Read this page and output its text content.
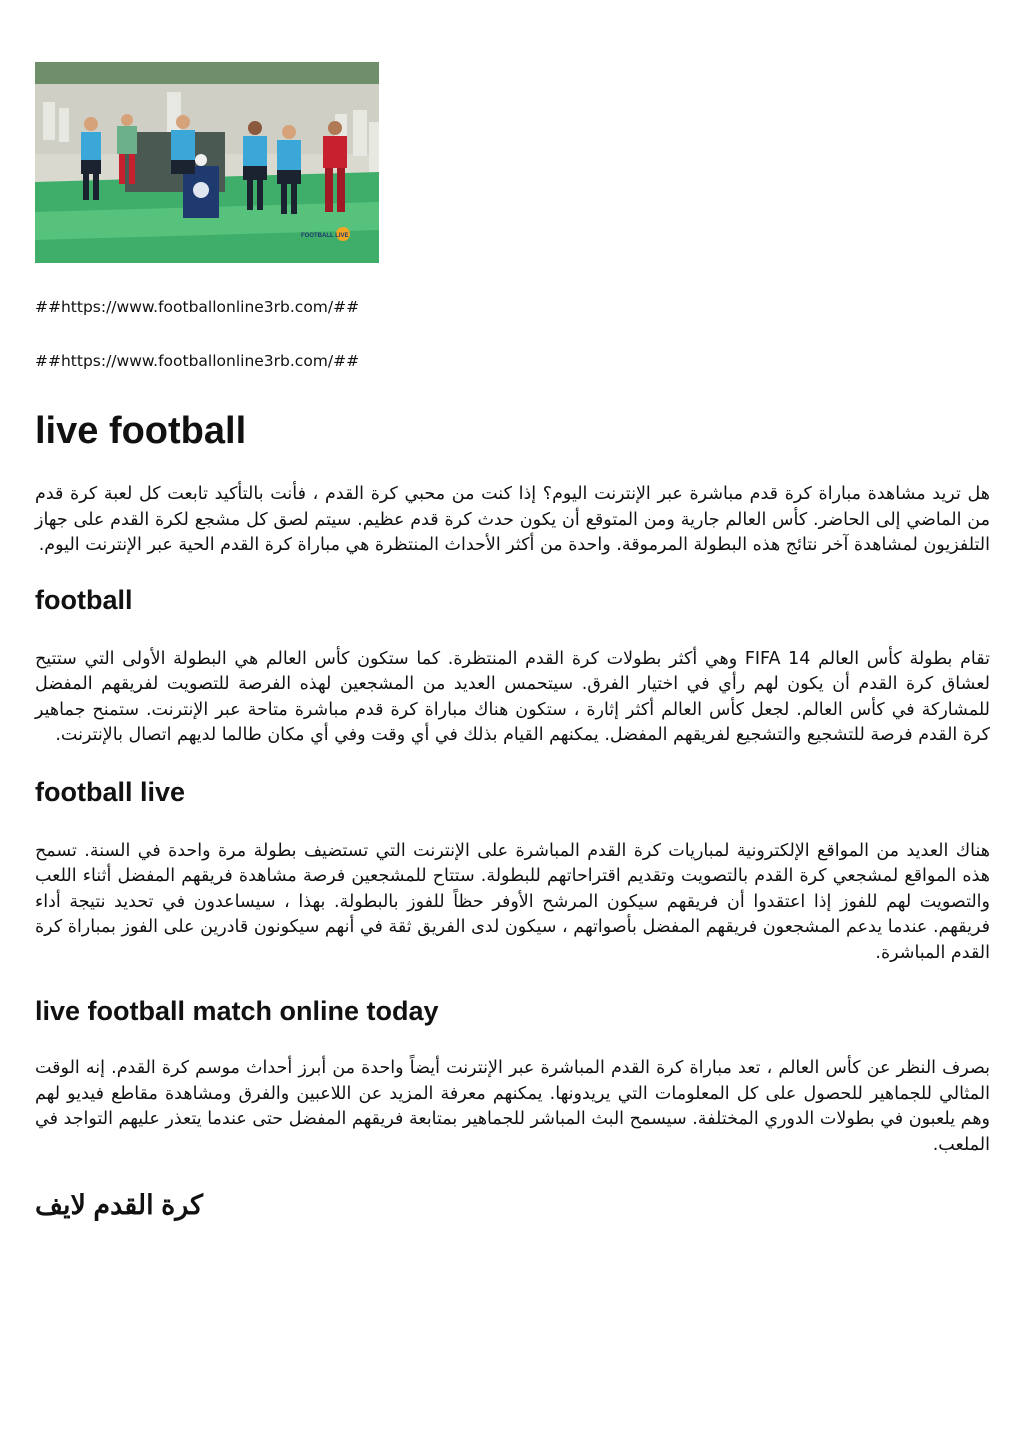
FOOTBALL LIVE

##https://www.footballonline3rb.com/##

##https://www.footballonline3rb.com/##

live football

هل تريد مشاهدة مباراة كرة قدم مباشرة عبر الإنترنت اليوم؟ إذا كنت من محبي كرة القدم ، فأنت بالتأكيد تابعت كل لعبة كرة قدم من الماضي إلى الحاضر. كأس العالم جارية ومن المتوقع أن يكون حدث كرة قدم عظيم. سيتم لصق كل مشجع لكرة القدم على جهاز التلفزيون لمشاهدة آخر نتائج هذه البطولة المرموقة. واحدة من أكثر الأحداث المنتظرة هي مباراة كرة القدم الحية عبر الإنترنت اليوم.

football

تقام بطولة كأس العالم FIFA 14 وهي أكثر بطولات كرة القدم المنتظرة. كما ستكون كأس العالم هي البطولة الأولى التي ستتيح لعشاق كرة القدم أن يكون لهم رأي في اختيار الفرق. سيتحمس العديد من المشجعين لهذه الفرصة للتصويت لفريقهم المفضل للمشاركة في كأس العالم. لجعل كأس العالم أكثر إثارة ، ستكون هناك مباراة كرة قدم مباشرة متاحة عبر الإنترنت. ستمنح جماهير كرة القدم فرصة للتشجيع والتشجيع لفريقهم المفضل. يمكنهم القيام بذلك في أي وقت وفي أي مكان طالما لديهم اتصال بالإنترنت.

football live

هناك العديد من المواقع الإلكترونية لمباريات كرة القدم المباشرة على الإنترنت التي تستضيف بطولة مرة واحدة في السنة. تسمح هذه المواقع لمشجعي كرة القدم بالتصويت وتقديم اقتراحاتهم للبطولة. ستتاح للمشجعين فرصة مشاهدة فريقهم المفضل أثناء اللعب والتصويت لهم للفوز إذا اعتقدوا أن فريقهم سيكون المرشح الأوفر حظاً للفوز بالبطولة. بهذا ، سيساعدون في تحديد نتيجة أداء فريقهم. عندما يدعم المشجعون فريقهم المفضل بأصواتهم ، سيكون لدى الفريق ثقة في أنهم سيكونون قادرين على الفوز بمباراة كرة القدم المباشرة.

live football match online today

بصرف النظر عن كأس العالم ، تعد مباراة كرة القدم المباشرة عبر الإنترنت أيضاً واحدة من أبرز أحداث موسم كرة القدم. إنه الوقت المثالي للجماهير للحصول على كل المعلومات التي يريدونها. يمكنهم معرفة المزيد عن اللاعبين والفرق ومشاهدة مقاطع فيديو لهم وهم يلعبون في بطولات الدوري المختلفة. سيسمح البث المباشر للجماهير بمتابعة فريقهم المفضل حتى عندما يتعذر عليهم التواجد في الملعب.

كرة القدم لايف
